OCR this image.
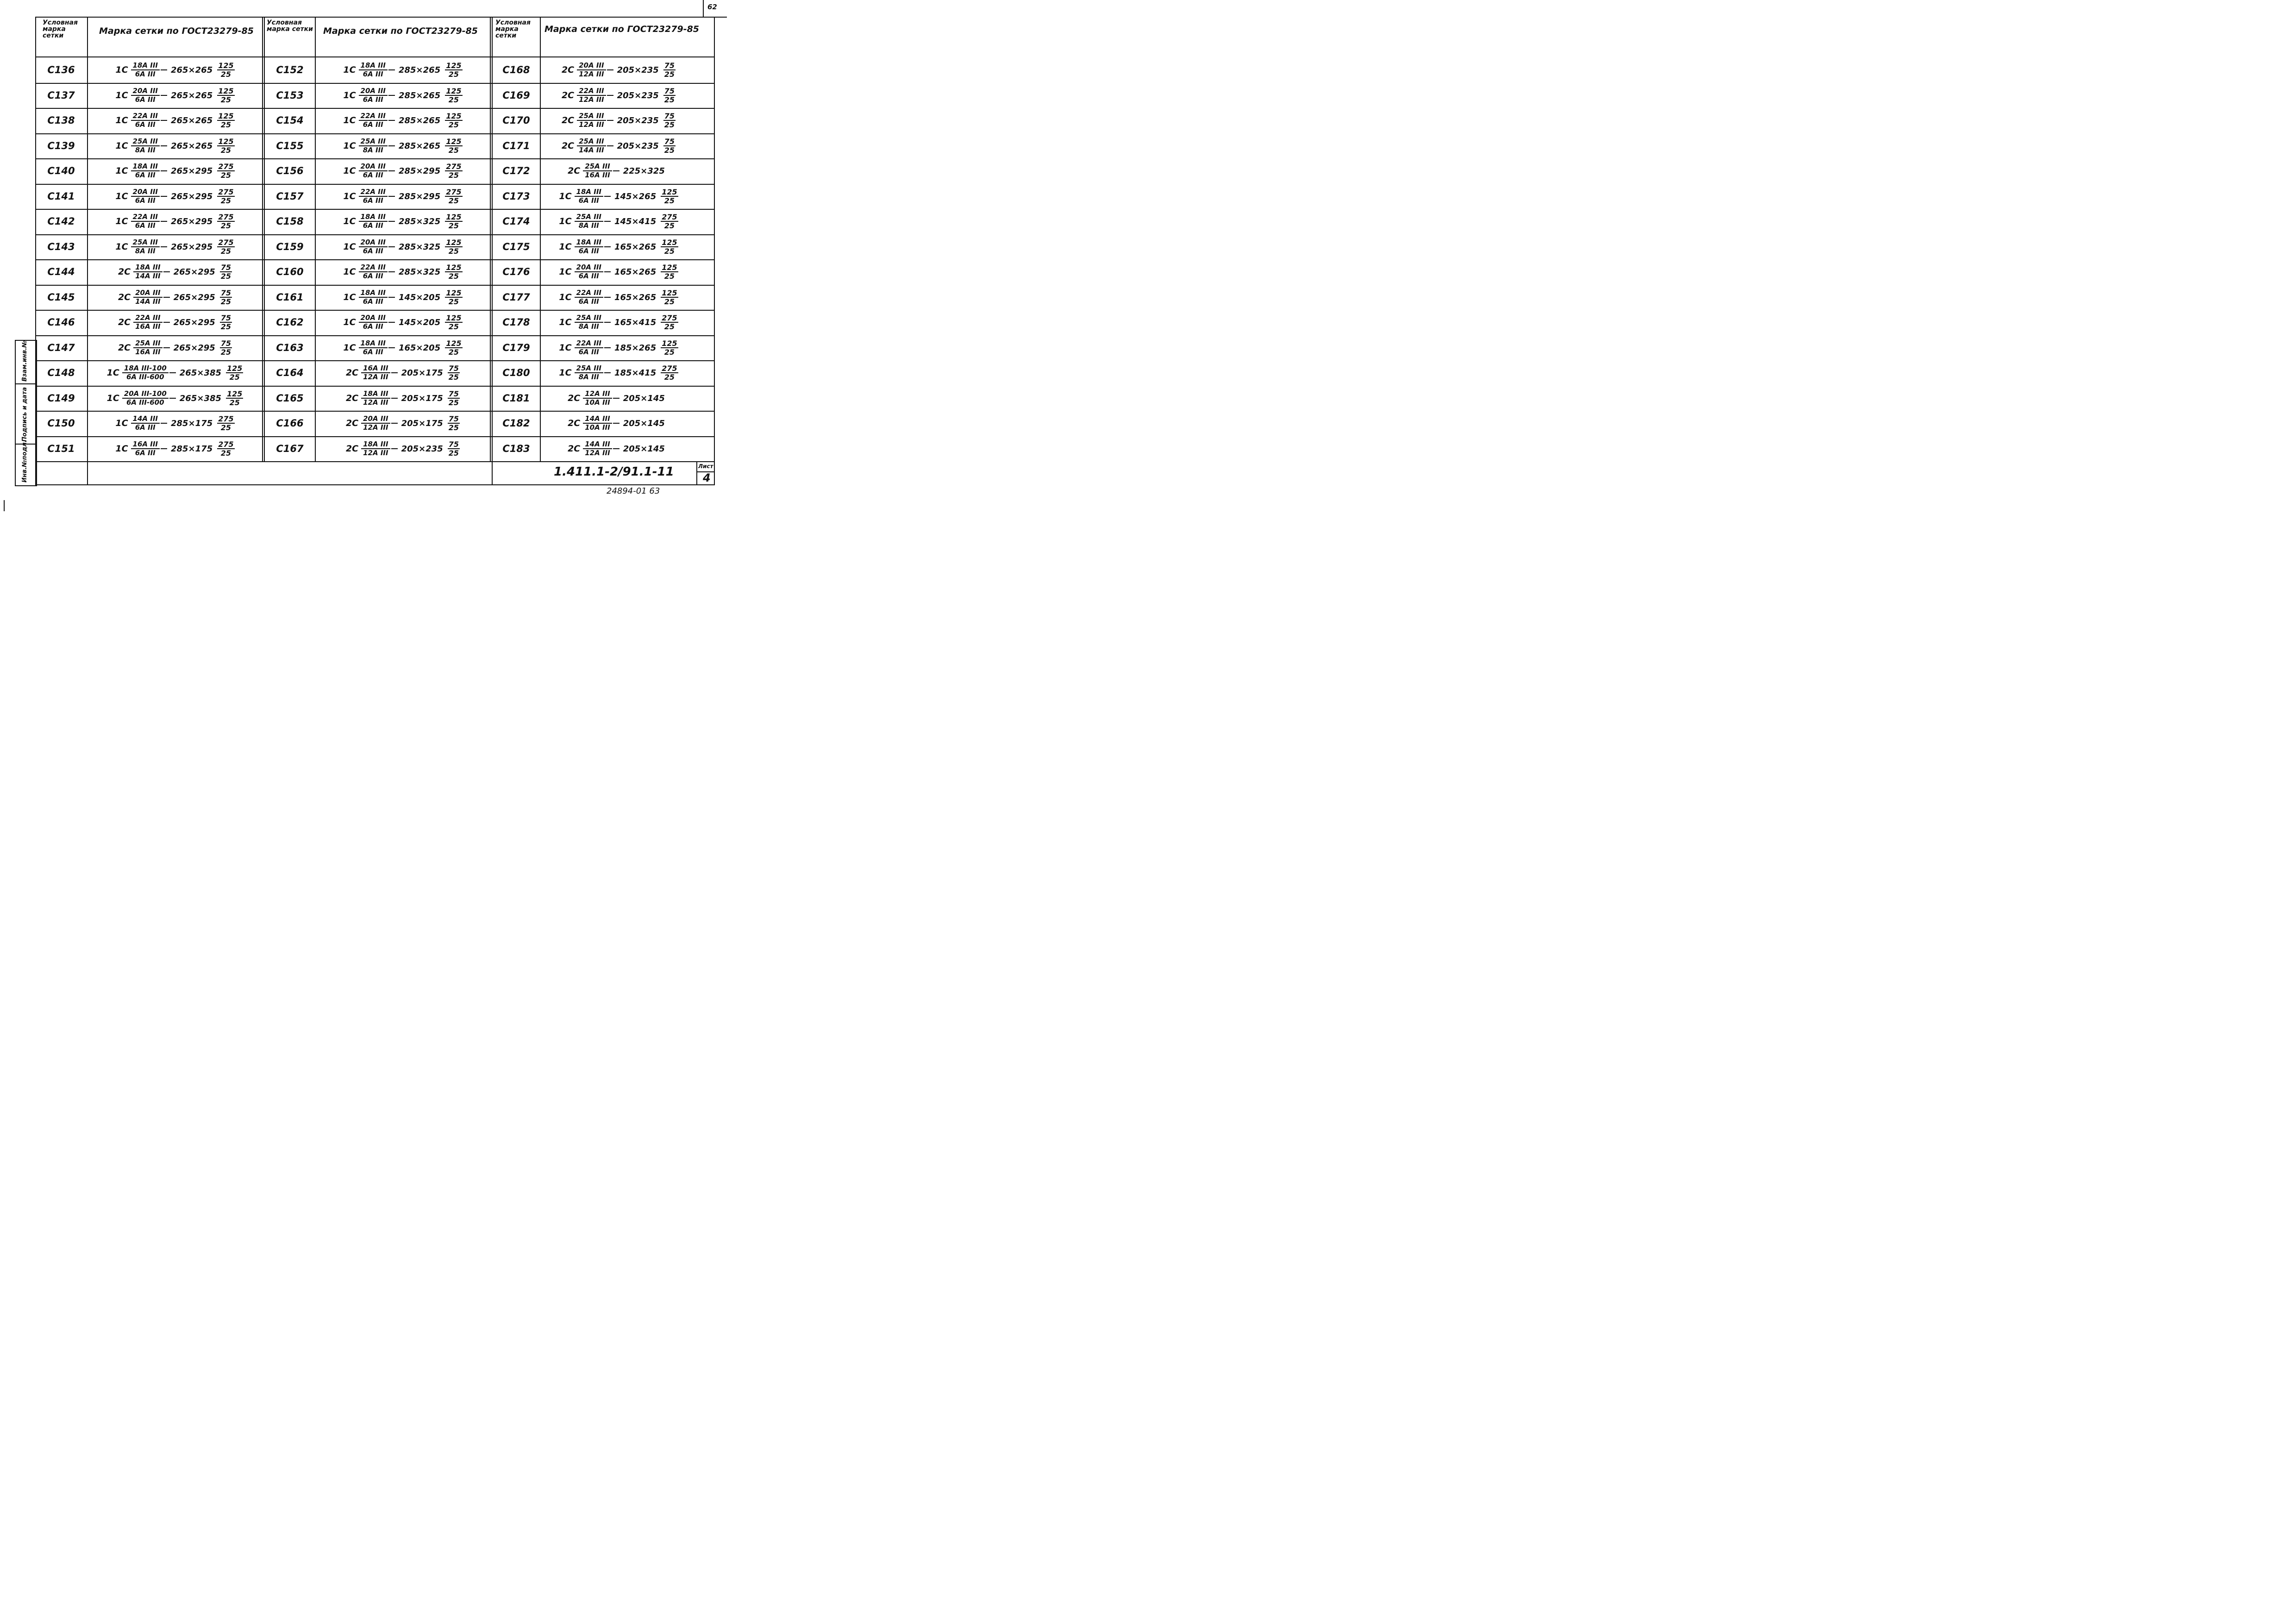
62
Условная марка сетки	Марка сетки по ГОСТ23279-85
Условная марка сетки Марка сетки по ГОСТ23279-85
Условная марка сетки
Марка сетки по ГОСТ23279-85
С136	$1С \frac{\text{18А III}}{\text{6А III}} 265\times 265 \frac{125}{25}$
С137	$1С \frac{\text{20А III}}{\text{6А III}} 265\times 265 \frac{125}{25}$
С138	$1С \frac{\text{22А III}}{\text{6А III}} 265\times 265 \frac{125}{25}$
С139	$1С \frac{\text{25А III}}{\text{8А III}} 265\times 265 \frac{125}{25}$
С140	$1С \frac{\text{18А III}}{\text{6А III}} 265\times 295 \frac{275}{25}$
С141	$1С \frac{\text{20А III}}{\text{6А III}} 265\times 295 \frac{275}{25}$
С142	$1С \frac{\text{22А III}}{\text{6А III}} 265\times 295 \frac{275}{25}$
С143	$1С \frac{\text{25А III}}{\text{8А III}} 265\times 295 \frac{275}{25}$
С144	$2С \frac{\text{18А III}}{\text{14А III}} 265\times 295 \frac{75}{25}$
С145	$2С \frac{\text{20А III}}{\text{14А III}} 265\times 295 \frac{75}{25}$
С146	$2С \frac{\text{22А III}}{\text{16А III}} 265\times 295 \frac{75}{25}$
С147	$2С \frac{\text{25А III}}{\text{16А III}} 265\times 295 \frac{75}{25}$
С148	$1С \frac{\text{18А III-100}}{\text{6А III-600}} 265\times 385 \frac{125}{25}$
С149	$1С \frac{\text{20А III-100}}{\text{6А III-600}} 265\times 385 \frac{125}{25}$
С150	$1С \frac{\text{14А III}}{\text{6А III}} 285\times 175 \frac{275}{25}$
С151	$1С \frac{\text{16А III}}{\text{6А III}} 285\times 175 \frac{275}{25}$
С152	$1С \frac{\text{18А III}}{\text{6А III}} 285\times 265 \frac{125}{25}$
С153	$1С \frac{\text{20А III}}{\text{6А III}} 285\times 265 \frac{125}{25}$
С154	$1С \frac{\text{22А III}}{\text{6А III}} 285\times 265 \frac{125}{25}$
С155	$1С \frac{\text{25А III}}{\text{8А III}} 285\times 265 \frac{125}{25}$
С156	$1С \frac{\text{20А III}}{\text{6А III}} 285\times 295 \frac{275}{25}$
С157	$1С \frac{\text{22А III}}{\text{6А III}} 285\times 295 \frac{275}{25}$
С158	$1С \frac{\text{18А III}}{\text{6А III}} 285\times 325 \frac{125}{25}$
С159	$1С \frac{\text{20А III}}{\text{6А III}} 285\times 325 \frac{125}{25}$
С160	$1С \frac{\text{22А III}}{\text{6А III}} 285\times 325 \frac{125}{25}$
С161	$1С \frac{\text{18А III}}{\text{6А III}} 145\times 205 \frac{125}{25}$
С162	$1С \frac{\text{20А III}}{\text{6А III}} 145\times 205 \frac{125}{25}$
С163	$1С \frac{\text{18А III}}{\text{6А III}} 165\times 205 \frac{125}{25}$
С164	$2С \frac{\text{16А III}}{\text{12А III}} 205\times 175 \frac{75}{25}$
С165	$2С \frac{\text{18А III}}{\text{12А III}} 205\times 175 \frac{75}{25}$
С166	$2С \frac{\text{20А III}}{\text{12А III}} 205\times 175 \frac{75}{25}$
С167	$2С \frac{\text{18А III}}{\text{12А III}} 205\times 235 \frac{75}{25}$
С168	$2С \frac{\text{20А III}}{\text{12А III}} 205\times 235 \frac{75}{25}$
С169	$2С \frac{\text{22А III}}{\text{12А III}} 205\times 235 \frac{75}{25}$
С170	$2С \frac{\text{25А III}}{\text{12А III}} 205\times 235 \frac{75}{25}$
С171	$2С \frac{\text{25А III}}{\text{14А III}} 205\times 235 \frac{75}{25}$
С172	$2С \frac{\text{25А III}}{\text{16А III}} 225\times 325$
С173	$1С \frac{\text{18А III}}{\text{6А III}} 145\times 265 \frac{125}{25}$
С174	$1С \frac{\text{25А III}}{\text{8А III}} 145\times 415 \frac{275}{25}$
С175	$1С \frac{\text{18А III}}{\text{6А III}} 165\times 265 \frac{125}{25}$
С176	$1С \frac{\text{20А III}}{\text{6А III}} 165\times 265 \frac{125}{25}$
С177	$1С \frac{\text{22А III}}{\text{6А III}} 165\times 265 \frac{125}{25}$
С178	$1С \frac{\text{25А III}}{\text{8А III}} 165\times 415 \frac{275}{25}$
С179	$1С \frac{\text{22А III}}{\text{6А III}} 185\times 265 \frac{125}{25}$
С180	$1С \frac{\text{25А III}}{\text{8А III}} 185\times 415 \frac{275}{25}$
С181	$2С \frac{\text{12А III}}{\text{10А III}} 205\times 145$
С182	$2С \frac{\text{14А III}}{\text{10А III}} 205\times 145$
С183	$2С \frac{\text{14А III}}{\text{12А III}} 205\times 145$
Взам.инв.№
Подпись и дата
Инв.№подл.	1.411.1-2/91.1-11	Лист
4
24894-01 63
